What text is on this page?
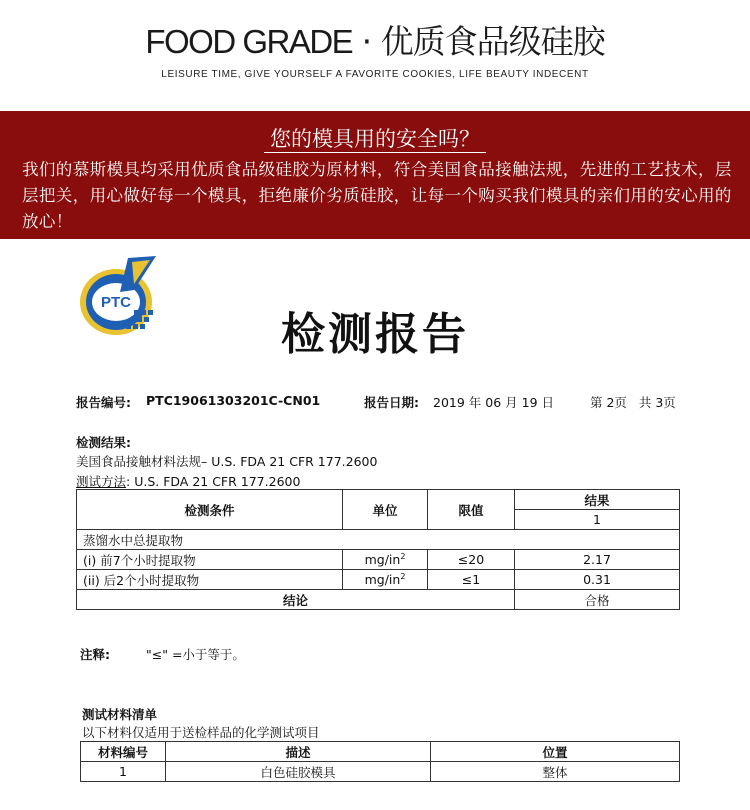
FOOD GRADE · 优质食品级硅胶
LEISURE TIME, GIVE YOURSELF A FAVORITE COOKIES, LIFE BEAUTY INDECENT
您的模具用的安全吗？
我们的慕斯模具均采用优质食品级硅胶为原材料，符合美国食品接触法规，先进的工艺技术，层层把关，用心做好每一个模具，拒绝廉价劣质硅胶，让每一个购买我们模具的亲们用的安心用的放心！
PTC
检测报告
报告编号: PTC19061303201C-CN01	报告日期: 2019 年 06 月 19 日	第 2页   共 3页
检测结果:
美国食品接触材料法规– U.S. FDA 21 CFR 177.2600
测试方法: U.S. FDA 21 CFR 177.2600
检测条件	单位	限值	结果
			1
蒸馏水中总提取物			
(i) 前7个小时提取物	$mg/in^2$	≤20	2.17
(ii) 后2个小时提取物	$mg/in^2$	≤1	0.31
结论			合格
注释:	"≤" =小于等于。
测试材料清单
以下材料仅适用于送检样品的化学测试项目
材料编号	描述	位置
1	白色硅胶模具	整体
